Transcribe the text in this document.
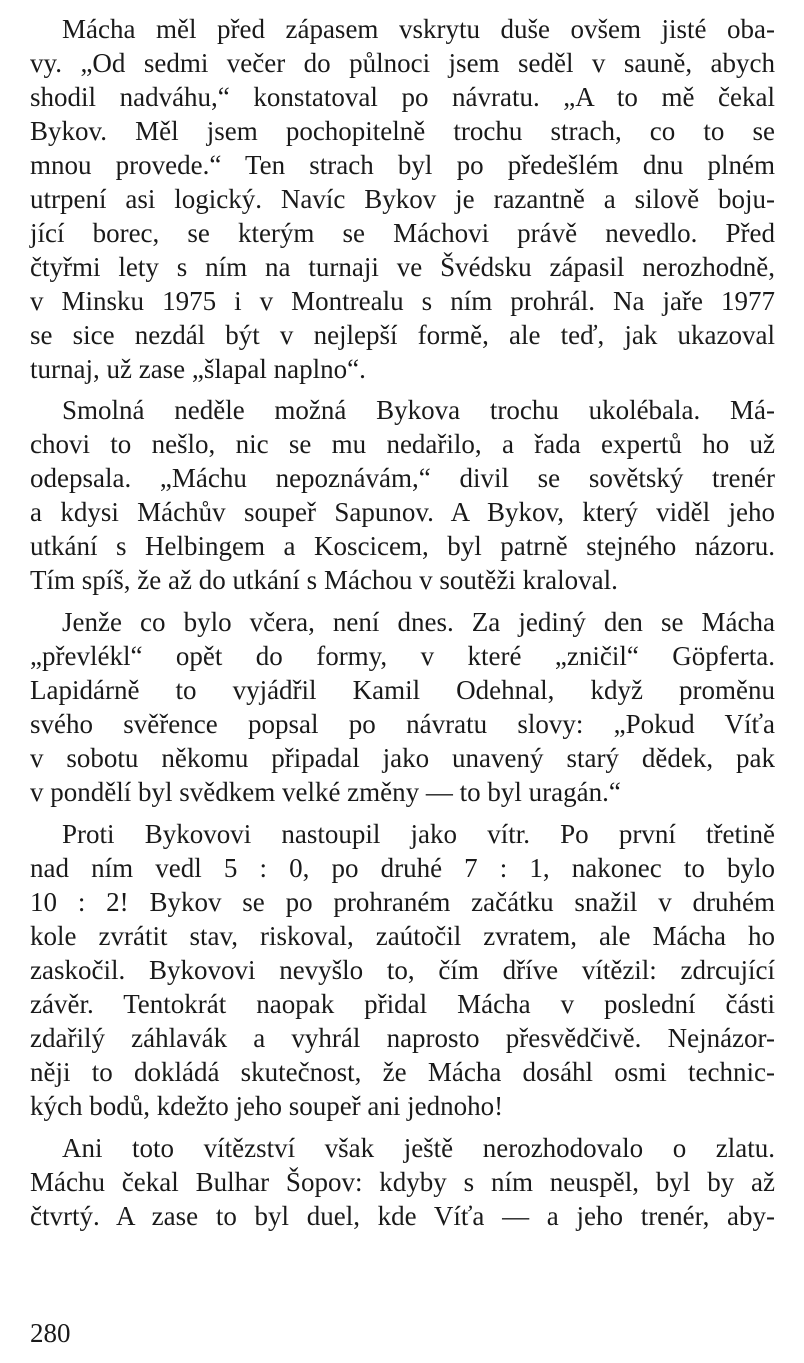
Mácha měl před zápasem vskrytu duše ovšem jisté oba-
vy. „Od sedmi večer do půlnoci jsem seděl v sauně, abych
shodil nadváhu,“ konstatoval po návratu. „A to mě čekal
Bykov. Měl jsem pochopitelně trochu strach, co to se
mnou provede.“ Ten strach byl po předešlém dnu plném
utrpení asi logický. Navíc Bykov je razantně a silově boju-
jící borec, se kterým se Máchovi právě nevedlo. Před
čtyřmi lety s ním na turnaji ve Švédsku zápasil nerozhodně,
v Minsku 1975 i v Montrealu s ním prohrál. Na jaře 1977
se sice nezdál být v nejlepší formě, ale teď, jak ukazoval
turnaj, už zase „šlapal naplno“.
Smolná neděle možná Bykova trochu ukolébala. Má-
chovi to nešlo, nic se mu nedařilo, a řada expertů ho už
odepsala. „Máchu nepoznávám,“ divil se sovětský trenér
a kdysi Máchův soupeř Sapunov. A Bykov, který viděl jeho
utkání s Helbingem a Koscicem, byl patrně stejného názoru.
Tím spíš, že až do utkání s Máchou v soutěži kraloval.
Jenže co bylo včera, není dnes. Za jediný den se Mácha
„převlékl“ opět do formy, v které „zničil“ Göpferta.
Lapidárně to vyjádřil Kamil Odehnal, když proměnu
svého svěřence popsal po návratu slovy: „Pokud Víťa
v sobotu někomu připadal jako unavený starý dědek, pak
v pondělí byl svědkem velké změny — to byl uragán.“
Proti Bykovovi nastoupil jako vítr. Po první třetině
nad ním vedl 5 : 0, po druhé 7 : 1, nakonec to bylo
10 : 2! Bykov se po prohraném začátku snažil v druhém
kole zvrátit stav, riskoval, zaútočil zvratem, ale Mácha ho
zaskočil. Bykovovi nevyšlo to, čím dříve vítězil: zdrcující
závěr. Tentokrát naopak přidal Mácha v poslední části
zdařilý záhlavák a vyhrál naprosto přesvědčivě. Nejnázor-
něji to dokládá skutečnost, že Mácha dosáhl osmi technic-
kých bodů, kdežto jeho soupeř ani jednoho!
Ani toto vítězství však ještě nerozhodovalo o zlatu.
Máchu čekal Bulhar Šopov: kdyby s ním neuspěl, byl by až
čtvrtý. A zase to byl duel, kde Víťa — a jeho trenér, aby-
280
